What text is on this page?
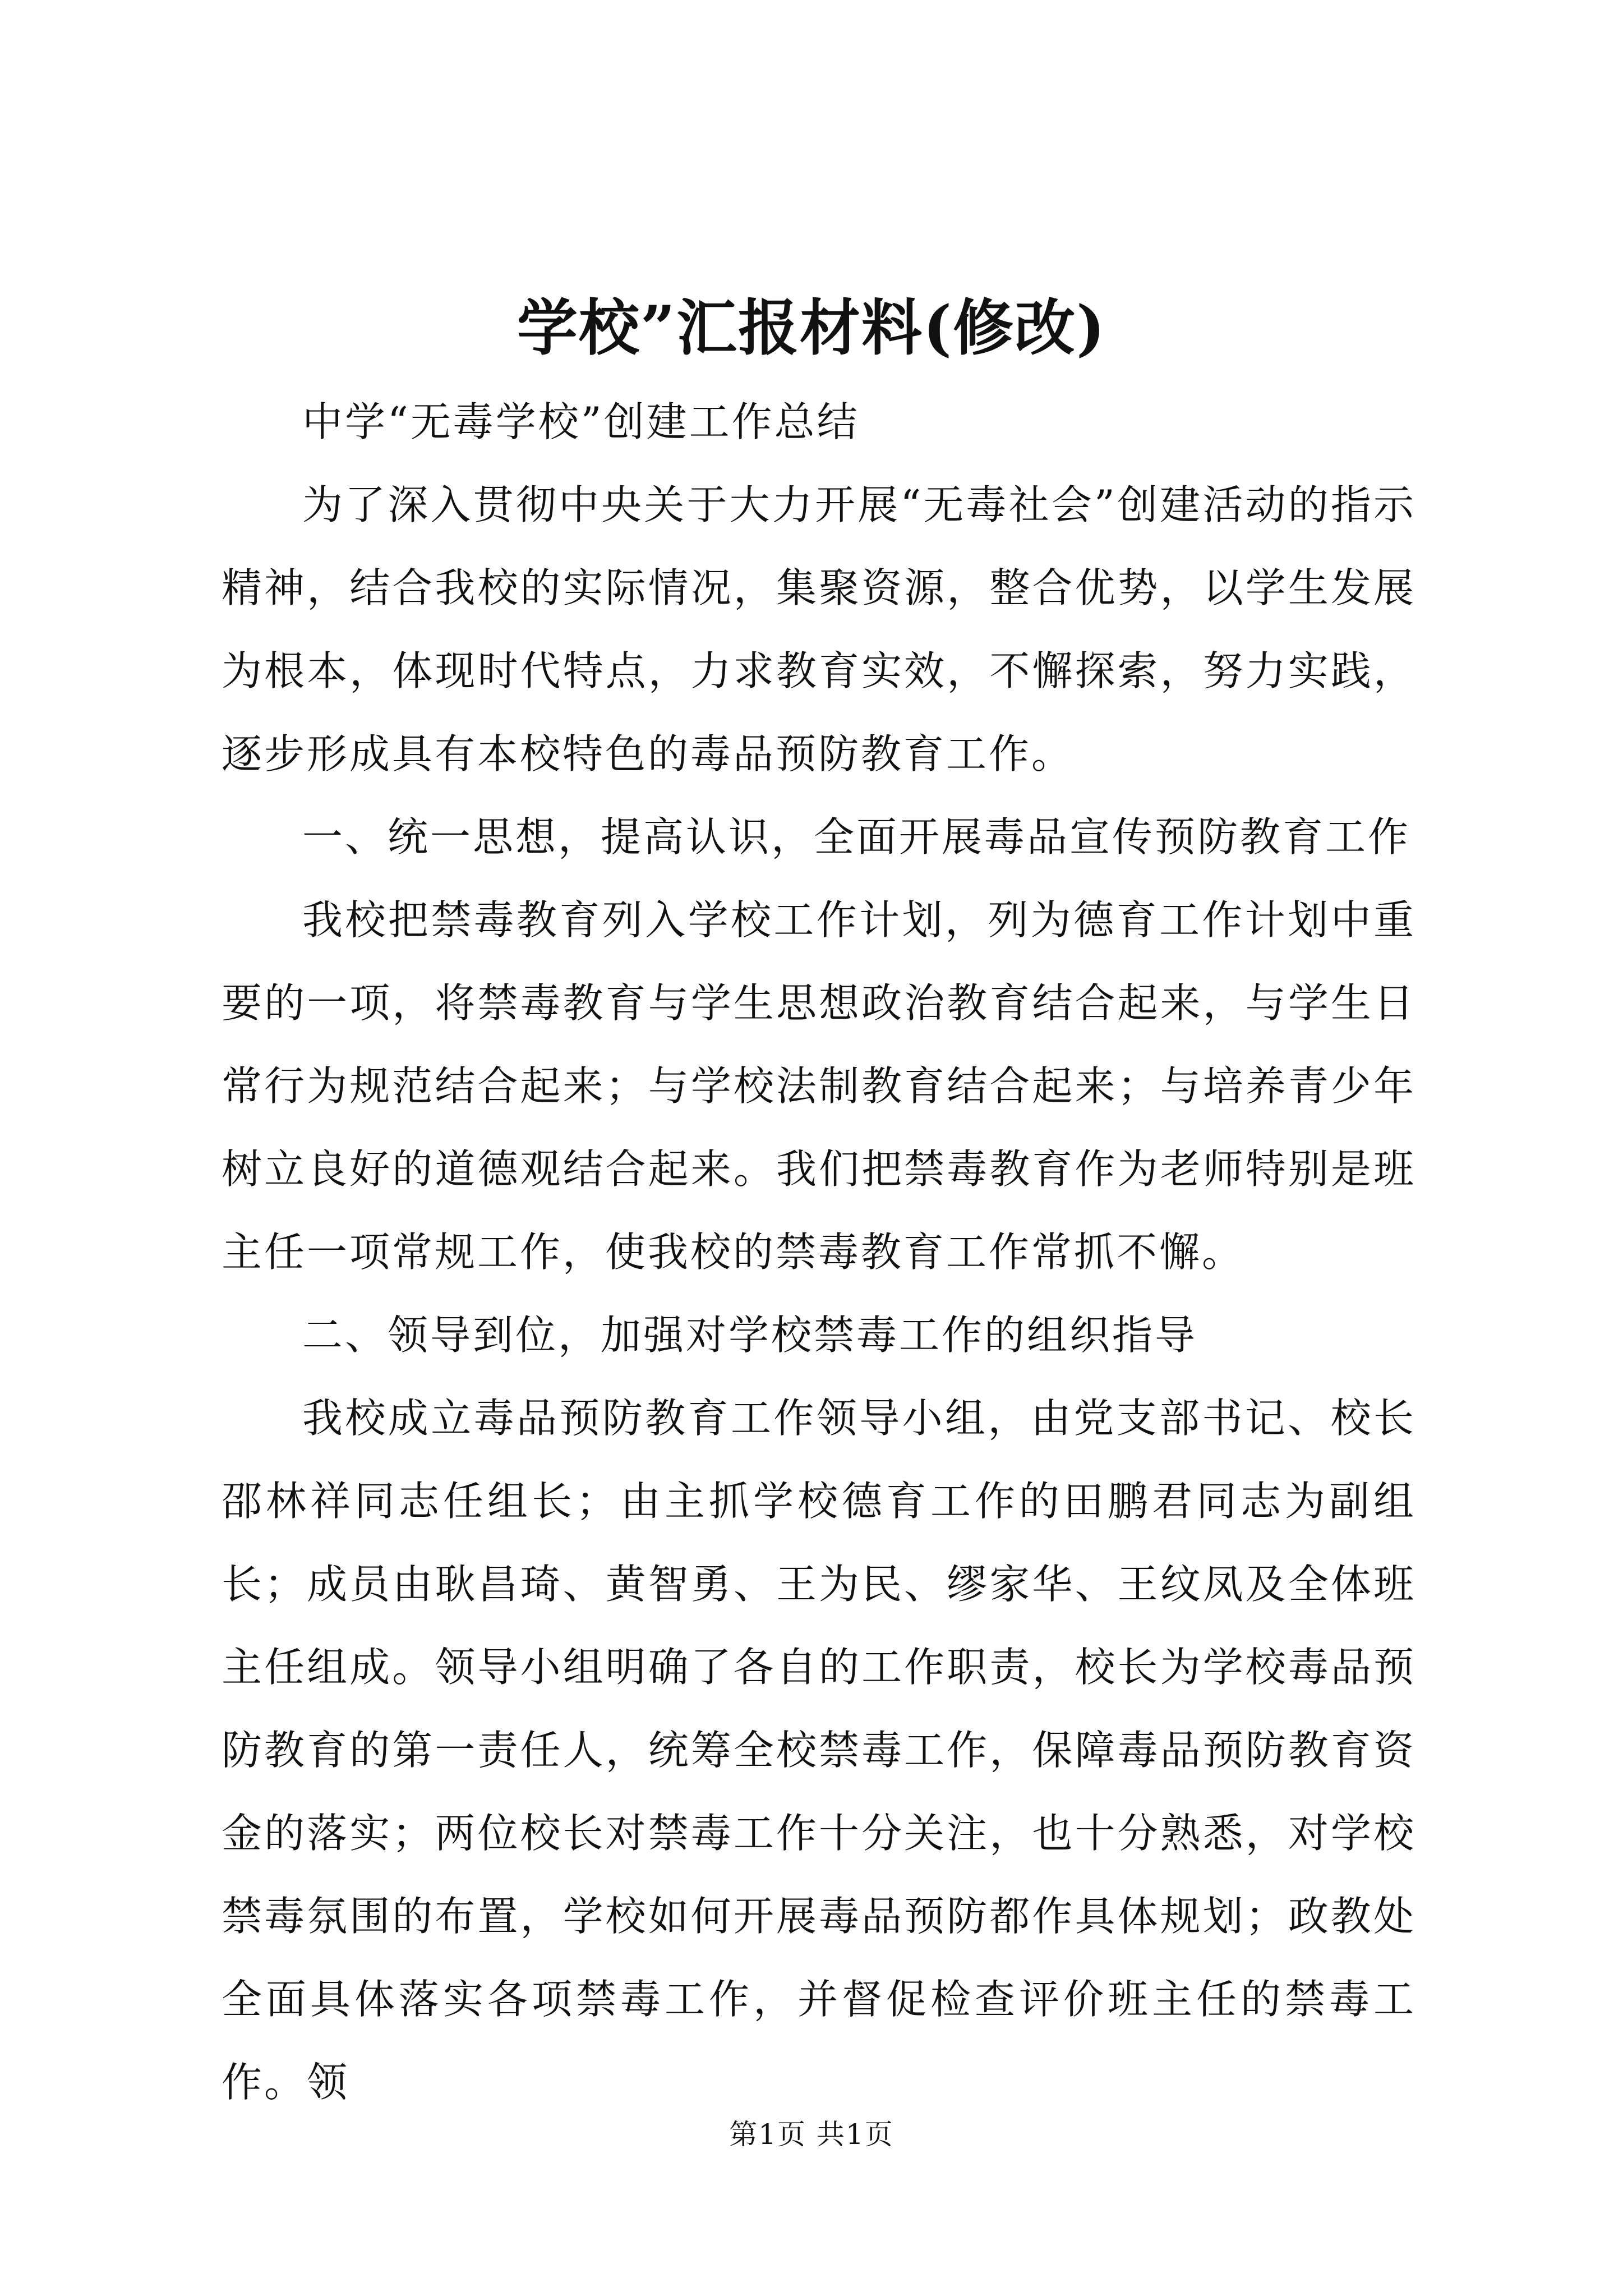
学校”汇报材料(修改)

中学“无毒学校”创建工作总结

为了深入贯彻中央关于大力开展“无毒社会”创建活动的指示精神，结合我校的实际情况，集聚资源，整合优势，以学生发展为根本，体现时代特点，力求教育实效，不懈探索，努力实践，逐步形成具有本校特色的毒品预防教育工作。

一、统一思想，提高认识，全面开展毒品宣传预防教育工作

我校把禁毒教育列入学校工作计划，列为德育工作计划中重要的一项，将禁毒教育与学生思想政治教育结合起来，与学生日常行为规范结合起来；与学校法制教育结合起来；与培养青少年树立良好的道德观结合起来。我们把禁毒教育作为老师特别是班主任一项常规工作，使我校的禁毒教育工作常抓不懈。

二、领导到位，加强对学校禁毒工作的组织指导

我校成立毒品预防教育工作领导小组，由党支部书记、校长邵林祥同志任组长；由主抓学校德育工作的田鹏君同志为副组长；成员由耿昌琦、黄智勇、王为民、缪家华、王纹凤及全体班主任组成。领导小组明确了各自的工作职责，校长为学校毒品预防教育的第一责任人，统筹全校禁毒工作，保障毒品预防教育资金的落实；两位校长对禁毒工作十分关注，也十分熟悉，对学校禁毒氛围的布置，学校如何开展毒品预防都作具体规划；政教处全面具体落实各项禁毒工作，并督促检查评价班主任的禁毒工作。领

第1页 共1页
